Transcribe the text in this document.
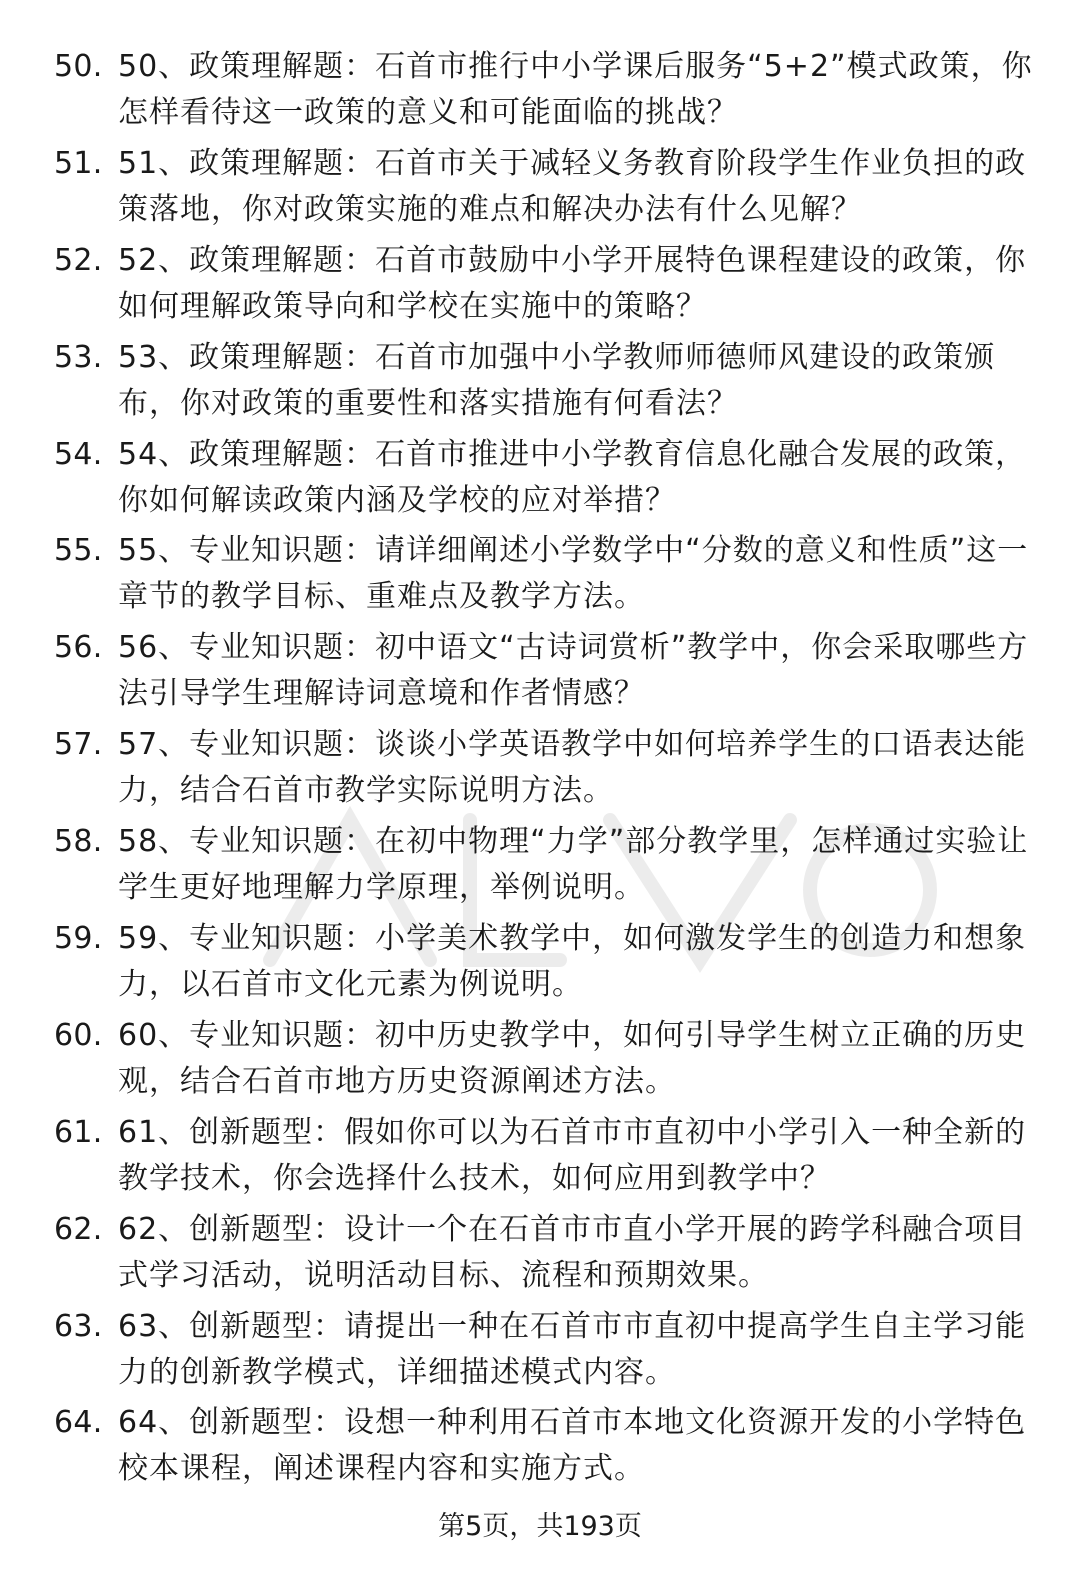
50. 50、政策理解题：石首市推行中小学课后服务“5+2”模式政策，你怎样看待这一政策的意义和可能面临的挑战？
51. 51、政策理解题：石首市关于减轻义务教育阶段学生作业负担的政策落地，你对政策实施的难点和解决办法有什么见解？
52. 52、政策理解题：石首市鼓励中小学开展特色课程建设的政策，你如何理解政策导向和学校在实施中的策略？
53. 53、政策理解题：石首市加强中小学教师师德师风建设的政策颁布，你对政策的重要性和落实措施有何看法？
54. 54、政策理解题：石首市推进中小学教育信息化融合发展的政策，你如何解读政策内涵及学校的应对举措？
55. 55、专业知识题：请详细阐述小学数学中“分数的意义和性质”这一章节的教学目标、重难点及教学方法。
56. 56、专业知识题：初中语文“古诗词赏析”教学中，你会采取哪些方法引导学生理解诗词意境和作者情感？
57. 57、专业知识题：谈谈小学英语教学中如何培养学生的口语表达能力，结合石首市教学实际说明方法。
58. 58、专业知识题：在初中物理“力学”部分教学里，怎样通过实验让学生更好地理解力学原理，举例说明。
59. 59、专业知识题：小学美术教学中，如何激发学生的创造力和想象力，以石首市文化元素为例说明。
60. 60、专业知识题：初中历史教学中，如何引导学生树立正确的历史观，结合石首市地方历史资源阐述方法。
61. 61、创新题型：假如你可以为石首市市直初中小学引入一种全新的教学技术，你会选择什么技术，如何应用到教学中？
62. 62、创新题型：设计一个在石首市市直小学开展的跨学科融合项目式学习活动，说明活动目标、流程和预期效果。
63. 63、创新题型：请提出一种在石首市市直初中提高学生自主学习能力的创新教学模式，详细描述模式内容。
64. 64、创新题型：设想一种利用石首市本地文化资源开发的小学特色校本课程，阐述课程内容和实施方式。
第5页，共193页
